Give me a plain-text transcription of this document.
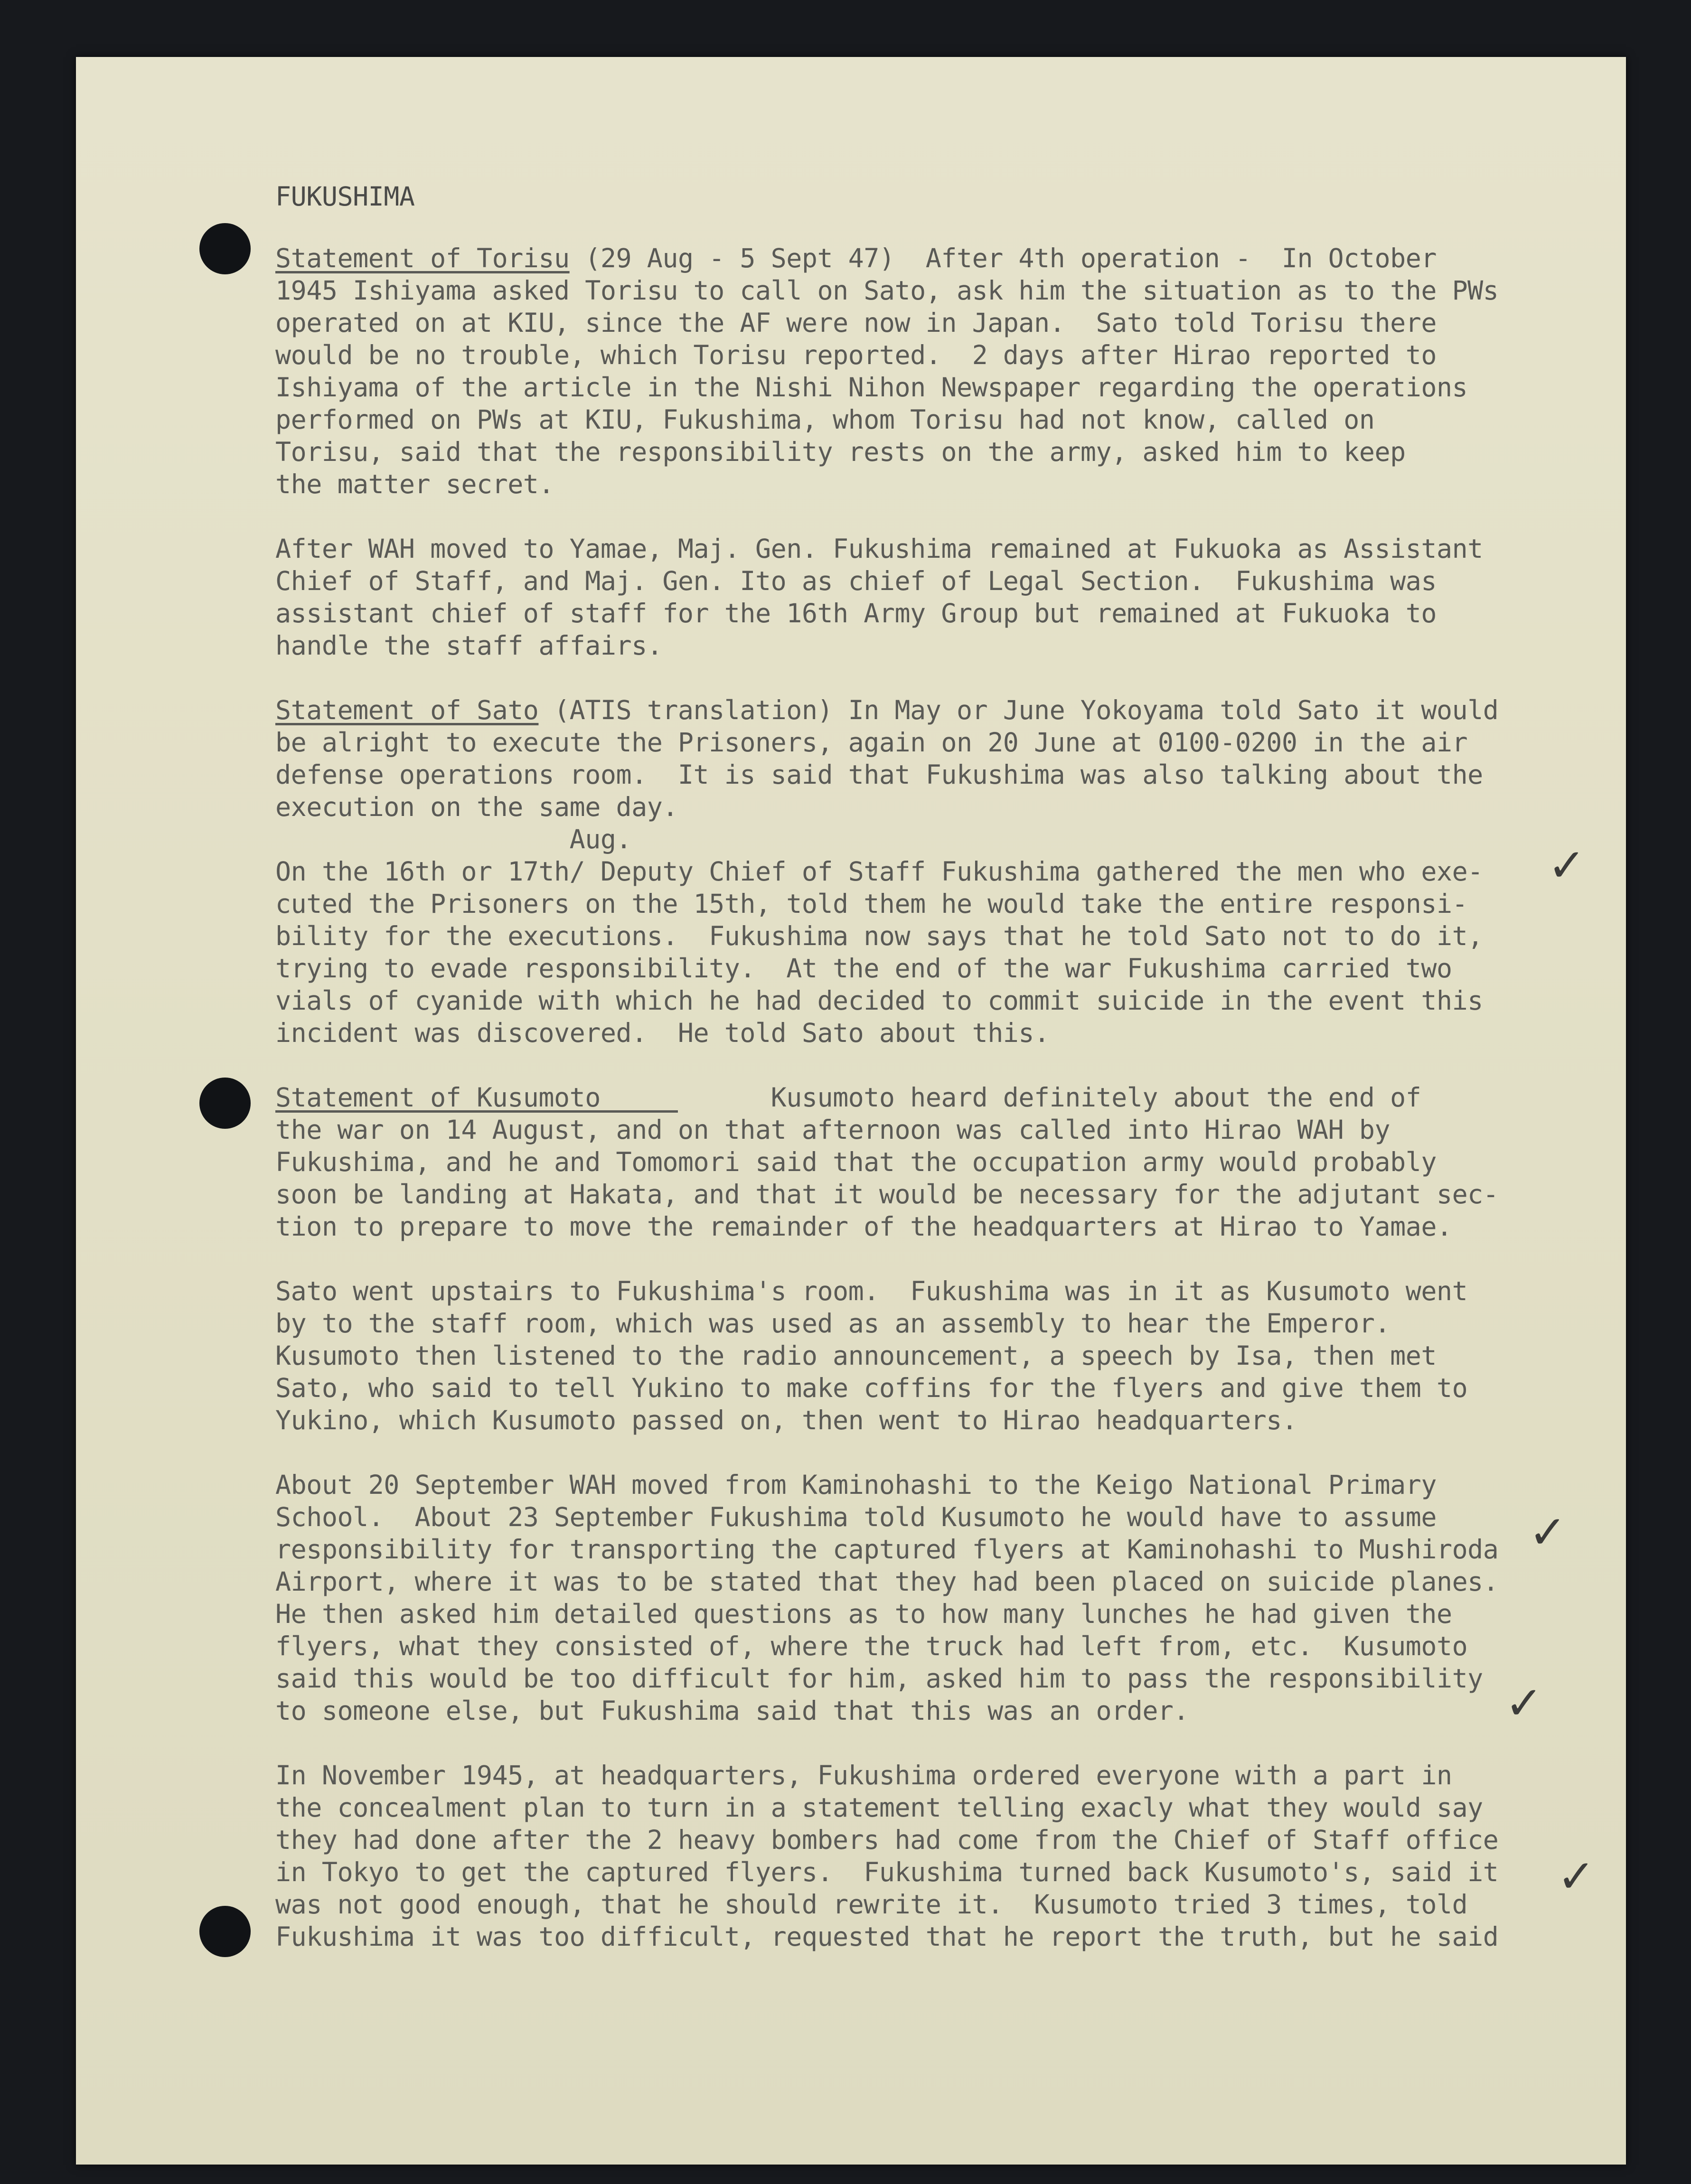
✓
✓
✓
✓
FUKUSHIMA
Statement of Torisu (29 Aug - 5 Sept 47)  After 4th operation -  In October
1945 Ishiyama asked Torisu to call on Sato, ask him the situation as to the PWs
operated on at KIU, since the AF were now in Japan.  Sato told Torisu there
would be no trouble, which Torisu reported.  2 days after Hirao reported to
Ishiyama of the article in the Nishi Nihon Newspaper regarding the operations
performed on PWs at KIU, Fukushima, whom Torisu had not know, called on
Torisu, said that the responsibility rests on the army, asked him to keep
the matter secret.
After WAH moved to Yamae, Maj. Gen. Fukushima remained at Fukuoka as Assistant
Chief of Staff, and Maj. Gen. Ito as chief of Legal Section.  Fukushima was
assistant chief of staff for the 16th Army Group but remained at Fukuoka to
handle the staff affairs.
Statement of Sato (ATIS translation) In May or June Yokoyama told Sato it would
be alright to execute the Prisoners, again on 20 June at 0100-0200 in the air
defense operations room.  It is said that Fukushima was also talking about the
execution on the same day.
Aug.
On the 16th or 17th/ Deputy Chief of Staff Fukushima gathered the men who exe-
cuted the Prisoners on the 15th, told them he would take the entire responsi-
bility for the executions.  Fukushima now says that he told Sato not to do it,
trying to evade responsibility.  At the end of the war Fukushima carried two
vials of cyanide with which he had decided to commit suicide in the event this
incident was discovered.  He told Sato about this.
Statement of Kusumoto           Kusumoto heard definitely about the end of
the war on 14 August, and on that afternoon was called into Hirao WAH by
Fukushima, and he and Tomomori said that the occupation army would probably
soon be landing at Hakata, and that it would be necessary for the adjutant sec-
tion to prepare to move the remainder of the headquarters at Hirao to Yamae.
Sato went upstairs to Fukushima's room.  Fukushima was in it as Kusumoto went
by to the staff room, which was used as an assembly to hear the Emperor.
Kusumoto then listened to the radio announcement, a speech by Isa, then met
Sato, who said to tell Yukino to make coffins for the flyers and give them to
Yukino, which Kusumoto passed on, then went to Hirao headquarters.
About 20 September WAH moved from Kaminohashi to the Keigo National Primary
School.  About 23 September Fukushima told Kusumoto he would have to assume
responsibility for transporting the captured flyers at Kaminohashi to Mushiroda
Airport, where it was to be stated that they had been placed on suicide planes.
He then asked him detailed questions as to how many lunches he had given the
flyers, what they consisted of, where the truck had left from, etc.  Kusumoto
said this would be too difficult for him, asked him to pass the responsibility
to someone else, but Fukushima said that this was an order.
In November 1945, at headquarters, Fukushima ordered everyone with a part in
the concealment plan to turn in a statement telling exacly what they would say
they had done after the 2 heavy bombers had come from the Chief of Staff office
in Tokyo to get the captured flyers.  Fukushima turned back Kusumoto's, said it
was not good enough, that he should rewrite it.  Kusumoto tried 3 times, told
Fukushima it was too difficult, requested that he report the truth, but he said
